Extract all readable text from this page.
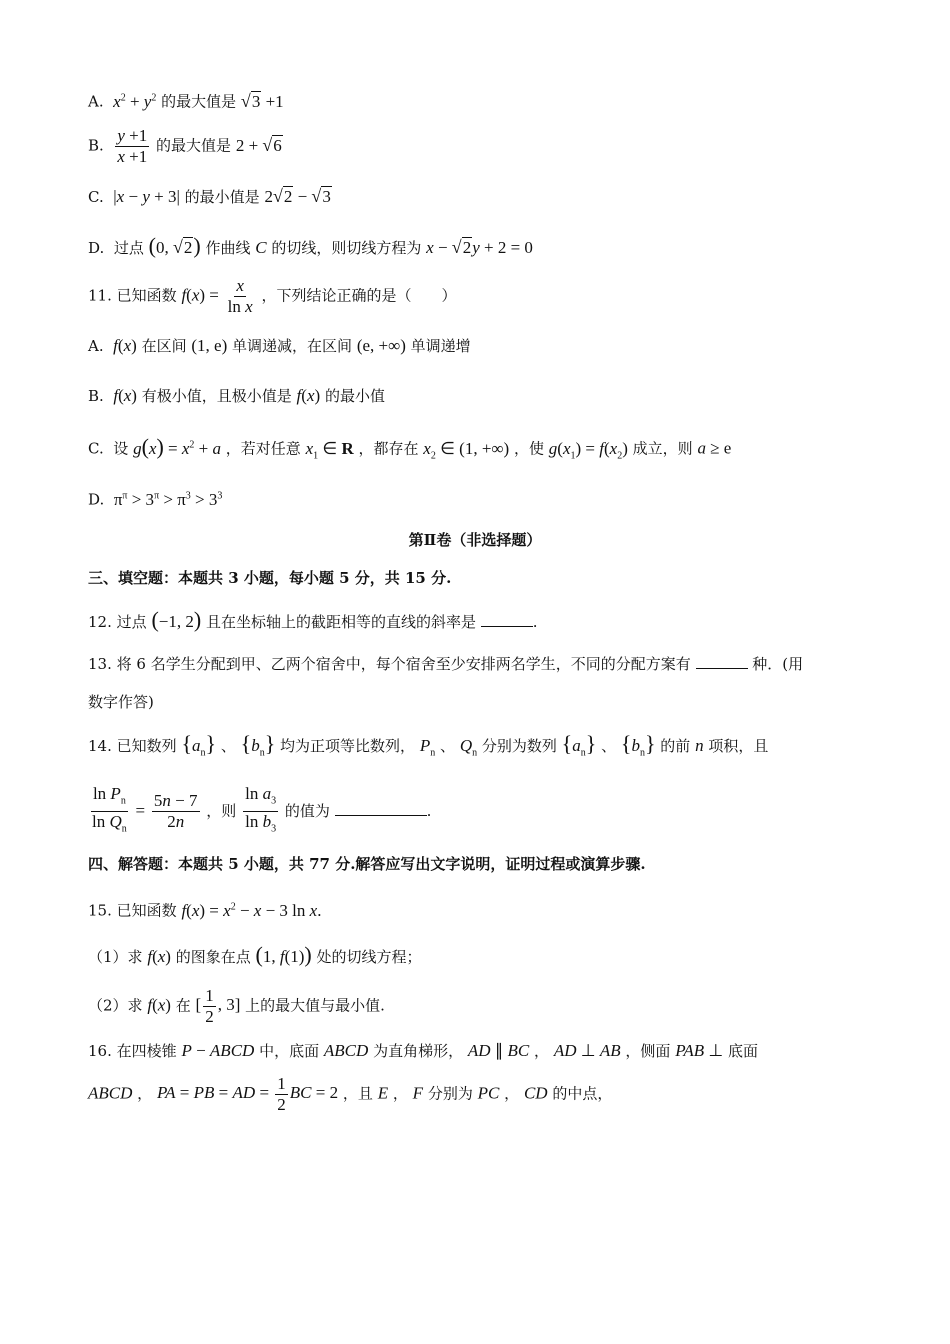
A. $x^2 + y^2$ 的最大值是 √3 +1
B. $\frac{y +1}{x +1}$ 的最大值是 2 + √6
C. |x − y + 3| 的最小值是 2√2 − √3
D. 过点 (0, √2) 作曲线 C 的切线，则切线方程为 x − √2y + 2 = 0
11. 已知函数 $f(x) = \frac{x}{\text{ln x}}$ ，下列结论正确的是（　　）
A. f(x) 在区间 (1, e) 单调递减，在区间 (e, +∞) 单调递增
B. f(x) 有极小值，且极小值是 f(x) 的最小值
C. 设 $g(x) = x^2 + a$ ，若对任意 $x_1$ ∈ R ，都存在 $x_2$ ∈ (1, +∞) ，使 $g(x_1) = f(x_2)$ 成立，则 a ≥ e
D. $\pi^\pi > 3^\pi > \pi^3 > 3^3$
第Ⅱ卷（非选择题）
三、填空题：本题共 3 小题，每小题 5 分，共 15 分.
12. 过点 (−1, 2) 且在坐标轴上的截距相等的直线的斜率是	.
13. 将 6 名学生分配到甲、乙两个宿舍中，每个宿舍至少安排两名学生，不同的分配方案有	种．(用
数字作答)
14. 已知数列 $\{a_n\}$ 、 $\{b_n\}$ 均为正项等比数列， $P_n$ 、 $Q_n$ 分别为数列 $\{a_n\}$ 、 $\{b_n\}$ 的前 n 项积，且
$\frac{\ln P_n}{\ln Q_n} = \frac{5n - 7}{2n}$ ，则 $\frac{\ln a_3}{\ln b_3}$ 的值为	.
四、解答题：本题共 5 小题，共 77 分.解答应写出文字说明，证明过程或演算步骤.
15. 已知函数 $f(x) = x^2 - x - 3$ ln x.
（1）求 f(x) 的图象在点 (1, f(1)) 处的切线方程；
（2）求 f(x) 在 [ $\frac{1}{2}$ , 3] 上的最大值与最小值.
16. 在四棱锥 P − ABCD 中，底面 ABCD 为直角梯形， AD ∥ BC ， AD ⊥ AB ，侧面 PAB ⊥ 底面
ABCD ， PA = PB = AD = $\frac{1}{2}$ BC = 2 ，且 E ， F 分别为 PC ， CD 的中点，
